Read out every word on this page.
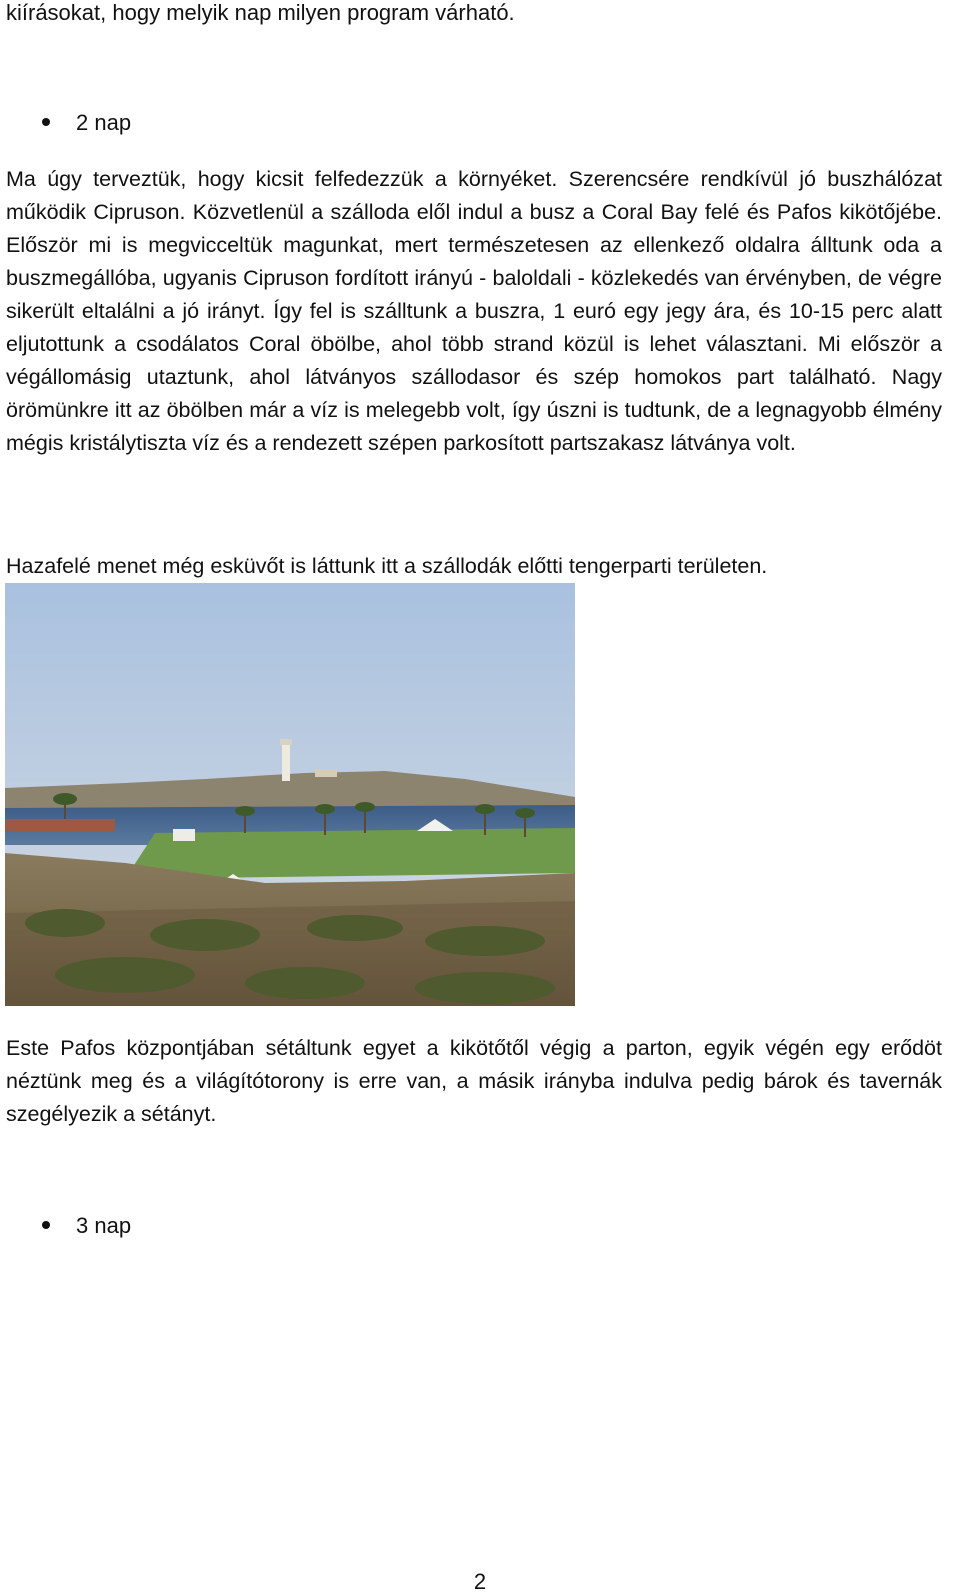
kiírásokat, hogy melyik nap milyen program várható.
2 nap
Ma úgy terveztük, hogy kicsit felfedezzük a környéket. Szerencsére rendkívül jó buszhálózat működik Cipruson. Közvetlenül a szálloda elől indul a busz a Coral Bay felé és Pafos kikötőjébe. Először mi is megvicceltük magunkat, mert természetesen az ellenkező oldalra álltunk oda a buszmegállóba, ugyanis Cipruson fordított irányú - baloldali - közlekedés van érvényben, de végre sikerült eltalálni a jó irányt. Így fel is szálltunk a buszra, 1 euró egy jegy ára, és 10-15 perc alatt eljutottunk a csodálatos Coral öbölbe, ahol több strand közül is lehet választani. Mi először a végállomásig utaztunk, ahol látványos szállodasor és szép homokos part található. Nagy örömünkre itt az öbölben már a víz is melegebb volt, így úszni is tudtunk, de a legnagyobb élmény mégis kristálytiszta víz és a rendezett szépen parkosított partszakasz látványa volt.
Hazafelé menet még esküvőt is láttunk itt a szállodák előtti tengerparti területen.
Este Pafos központjában sétáltunk egyet a kikötőtől végig a parton, egyik végén egy erődöt néztünk meg és a világítótorony is erre van, a másik irányba indulva pedig bárok és tavernák szegélyezik a sétányt.
3 nap
2
